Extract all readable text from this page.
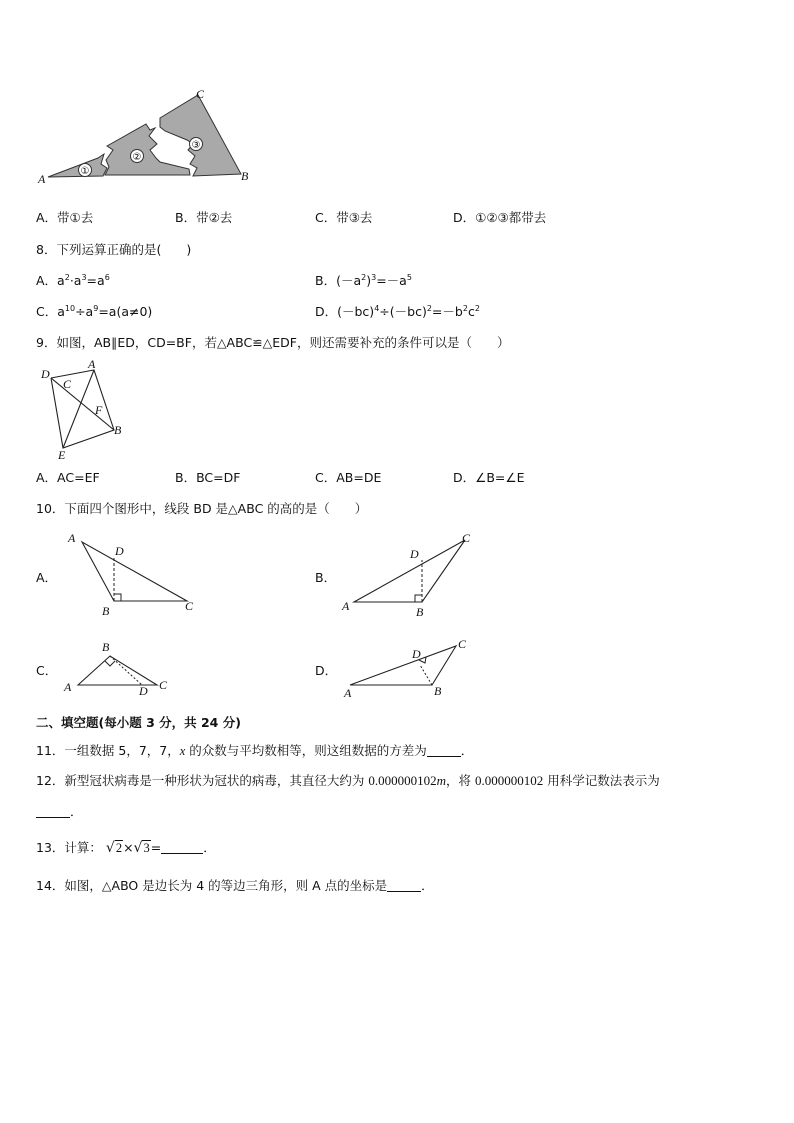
①
②
③
A	B
C
A．带①去	B．带②去	C．带③去	D．①②③都带去
8．下列运算正确的是(　　)
A．$a^2\cdot a^3=a^6$	B．$(-a^2)^3=-a^5$
C．$a^{10}\div a^9=a(a\ne 0)$	D．$(-bc)^4\div(-bc)^2=-b^2c^2$
9．如图，AB∥ED，CD=BF，若△ABC≌△EDF，则还需要补充的条件可以是（　　）
D
C
A
F
B
E
A．AC=EF	B．BC=DF	C．AB=DE	D．∠B=∠E
10．下面四个图形中，线段 BD 是△ABC 的高的是（　　）
A．
A
D
B	C
B．
A
D
B
C
C．
A
B
D C
D．
A
D
B
C
二、填空题(每小题 3 分，共 24 分)
11．一组数据 5，7，7，x 的众数与平均数相等，则这组数据的方差为	．
12．新型冠状病毒是一种形状为冠状的病毒，其直径大约为 0.000000102m，将 0.000000102 用科学记数法表示为
．
13．计算： √2×√3=	．
14．如图，△ABO 是边长为 4 的等边三角形，则 A 点的坐标是	．
